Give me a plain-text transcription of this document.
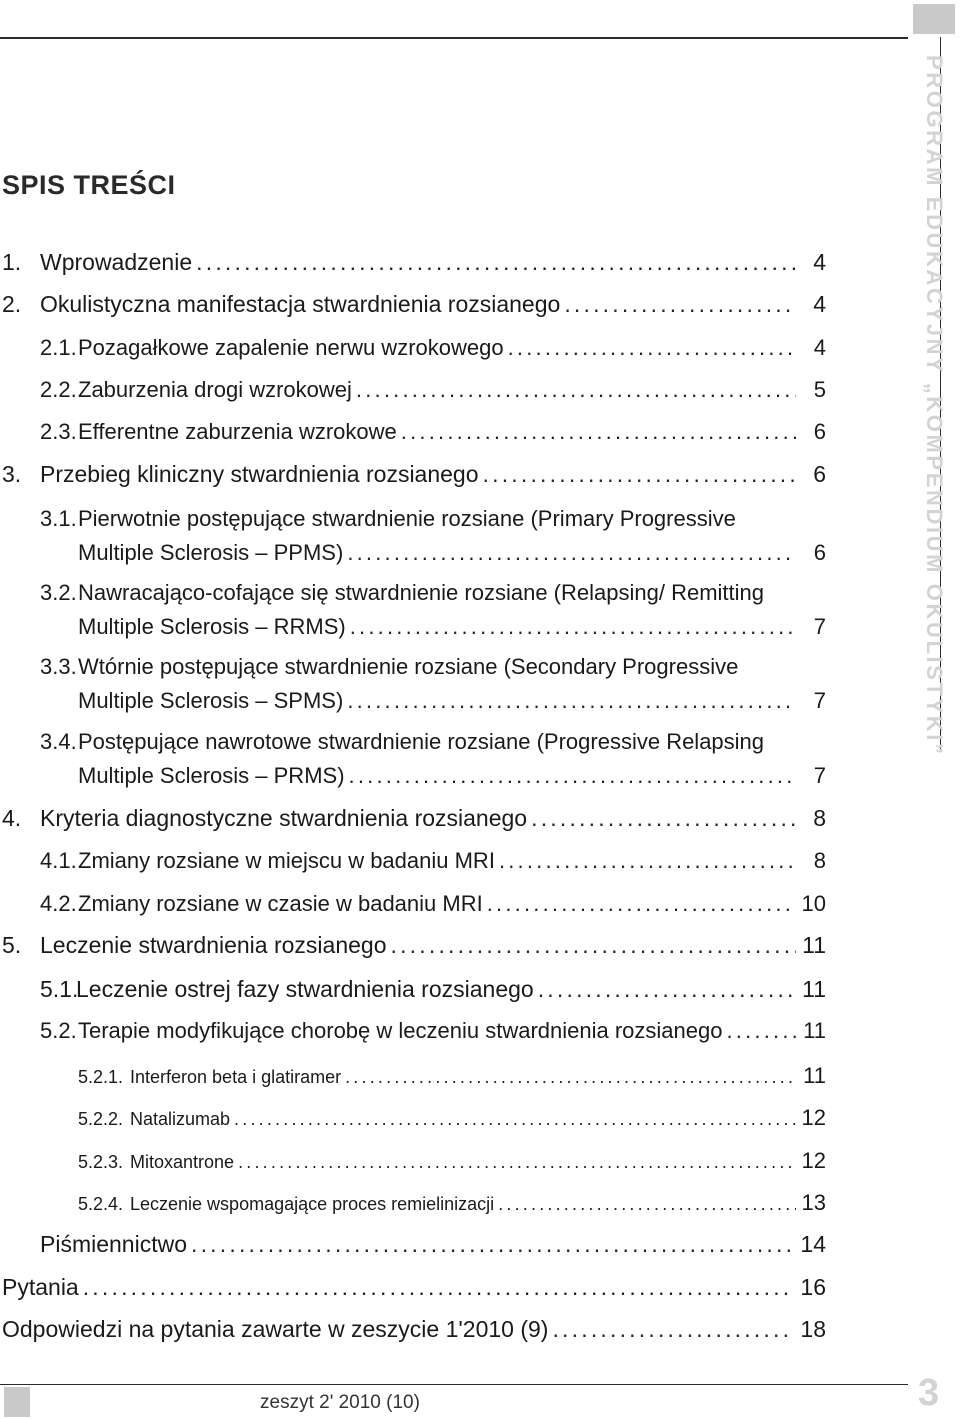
PROGRAM EDUKACYJNY „KOMPENDIUM OKULISTYKI”
SPIS TREŚCI
1. Wprowadzenie .....	4
2. Okulistyczna manifestacja stwardnienia rozsianego .....	4
2.1. Pozagałkowe zapalenie nerwu wzrokowego .....	4
2.2. Zaburzenia drogi wzrokowej .....	5
2.3. Efferentne zaburzenia wzrokowe .....	6
3. Przebieg kliniczny stwardnienia rozsianego .....	6
3.1. Pierwotnie postępujące stwardnienie rozsiane (Primary Progressive
Multiple Sclerosis – PPMS) .....	6
3.2. Nawracająco-cofające się stwardnienie rozsiane (Relapsing/ Remitting
Multiple Sclerosis – RRMS) .....	7
3.3. Wtórnie postępujące stwardnienie rozsiane (Secondary Progressive
Multiple Sclerosis – SPMS) .....	7
3.4. Postępujące nawrotowe stwardnienie rozsiane (Progressive Relapsing
Multiple Sclerosis – PRMS) .....	7
4. Kryteria diagnostyczne stwardnienia rozsianego .....	8
4.1. Zmiany rozsiane w miejscu w badaniu MRI .....	8
4.2. Zmiany rozsiane w czasie w badaniu MRI .....	10
5. Leczenie stwardnienia rozsianego .....	11
5.1.
Leczenie ostrej fazy stwardnienia rozsianego .....	11
5.2. Terapie modyfikujące chorobę w leczeniu stwardnienia rozsianego .....	11
5.2.1. Interferon beta i glatiramer .....	11
5.2.2. Natalizumab .....	12
5.2.3. Mitoxantrone .....	12
5.2.4. Leczenie wspomagające proces remielinizacji .....	13
Piśmiennictwo .....	14
Pytania .....	16
Odpowiedzi na pytania zawarte w zeszycie 1'2010 (9) .....	18
zeszyt 2' 2010 (10)	3
